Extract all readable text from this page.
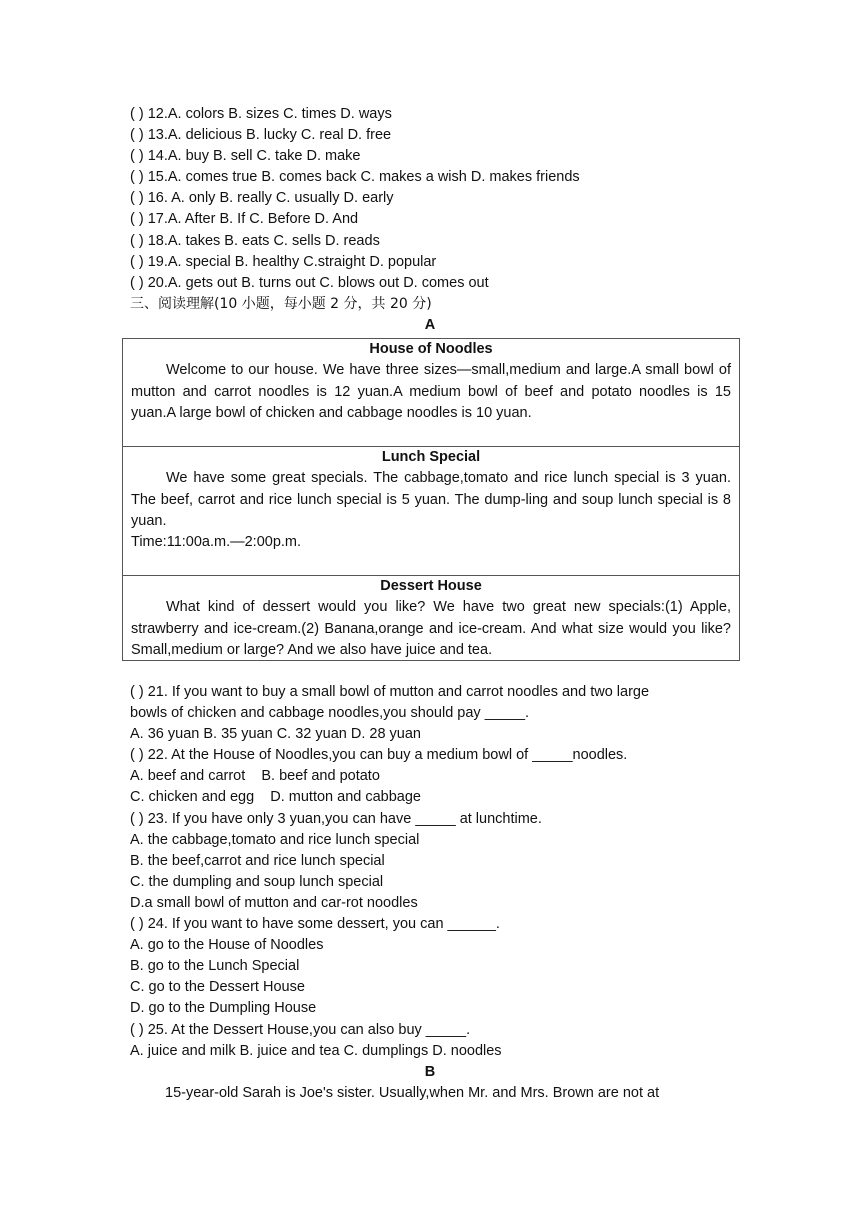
( ) 12.A. colors B. sizes C. times D. ways
( ) 13.A. delicious B. lucky C. real D. free
( ) 14.A. buy B. sell C. take D. make
( ) 15.A. comes true B. comes back C. makes a wish D. makes friends
( ) 16. A. only B. really C. usually D. early
( ) 17.A. After B. If C. Before D. And
( ) 18.A. takes B. eats C. sells D. reads
( ) 19.A. special B. healthy C.straight D. popular
( ) 20.A. gets out B. turns out C. blows out D. comes out
三、阅读理解(10 小题，每小题 2 分，共 20 分)
A

House of Noodles

Welcome to our house. We have three sizes—small,medium and large.A small bowl of mutton and carrot noodles is 12 yuan.A medium bowl of beef and potato noodles is 15 yuan.A large bowl of chicken and cabbage noodles is 10 yuan.

Lunch Special

We have some great specials. The cabbage,tomato and rice lunch special is 3 yuan. The beef, carrot and rice lunch special is 5 yuan. The dump-ling and soup lunch special is 8 yuan.

Time:11:00a.m.—2:00p.m.

Dessert House

What kind of dessert would you like? We have two great new specials:(1) Apple, strawberry and ice-cream.(2) Banana,orange and ice-cream. And what size would you like? Small,medium or large? And we also have juice and tea.

( ) 21. If you want to buy a small bowl of mutton and carrot noodles and two large
bowls of chicken and cabbage noodles,you should pay _____.
A. 36 yuan B. 35 yuan C. 32 yuan D. 28 yuan
( ) 22. At the House of Noodles,you can buy a medium bowl of _____noodles.
A. beef and carrot    B. beef and potato
C. chicken and egg    D. mutton and cabbage
( ) 23. If you have only 3 yuan,you can have _____ at lunchtime.
A. the cabbage,tomato and rice lunch special
B. the beef,carrot and rice lunch special
C. the dumpling and soup lunch special
D.a small bowl of mutton and car-rot noodles
( ) 24. If you want to have some dessert, you can ______.
A. go to the House of Noodles
B. go to the Lunch Special
C. go to the Dessert House
D. go to the Dumpling House
( ) 25. At the Dessert House,you can also buy _____.
A. juice and milk B. juice and tea C. dumplings D. noodles
B
15-year-old Sarah is Joe's sister. Usually,when Mr. and Mrs. Brown are not at
